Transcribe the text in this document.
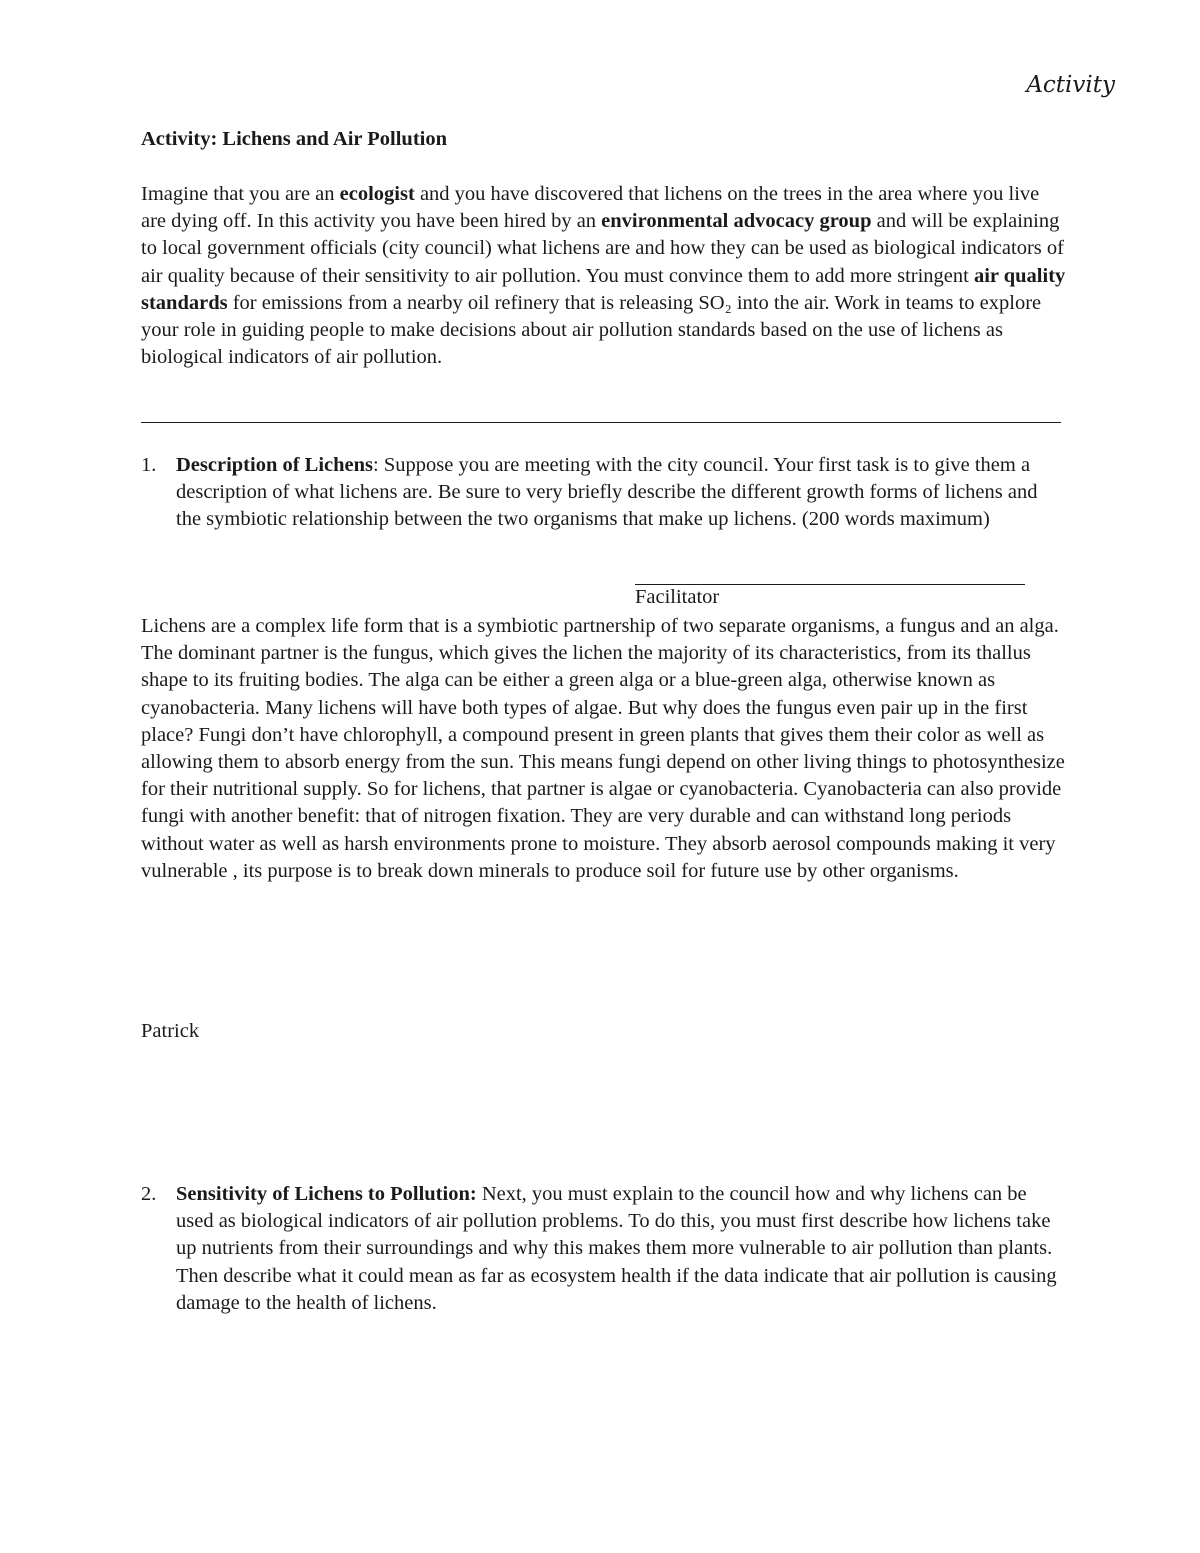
Activity
Activity: Lichens and Air Pollution

Imagine that you are an ecologist and you have discovered that lichens on the trees in the area where you live are dying off. In this activity you have been hired by an environmental advocacy group and will be explaining to local government officials (city council) what lichens are and how they can be used as biological indicators of air quality because of their sensitivity to air pollution. You must convince them to add more stringent air quality standards for emissions from a nearby oil refinery that is releasing SO₂ into the air. Work in teams to explore your role in guiding people to make decisions about air pollution standards based on the use of lichens as biological indicators of air pollution.

1. Description of Lichens: Suppose you are meeting with the city council. Your first task is to give them a description of what lichens are. Be sure to very briefly describe the different growth forms of lichens and the symbiotic relationship between the two organisms that make up lichens. (200 words maximum)
Facilitator

Lichens are a complex life form that is a symbiotic partnership of two separate organisms, a fungus and an alga. The dominant partner is the fungus, which gives the lichen the majority of its characteristics, from its thallus shape to its fruiting bodies. The alga can be either a green alga or a blue-green alga, otherwise known as cyanobacteria. Many lichens will have both types of algae. But why does the fungus even pair up in the first place? Fungi don’t have chlorophyll, a compound present in green plants that gives them their color as well as allowing them to absorb energy from the sun. This means fungi depend on other living things to photosynthesize for their nutritional supply. So for lichens, that partner is algae or cyanobacteria. Cyanobacteria can also provide fungi with another benefit: that of nitrogen fixation. They are very durable and can withstand long periods without water as well as harsh environments prone to moisture. They absorb aerosol compounds making it very vulnerable , its purpose is to break down minerals to produce soil for future use by other organisms.

Patrick
2. Sensitivity of Lichens to Pollution: Next, you must explain to the council how and why lichens can be used as biological indicators of air pollution problems. To do this, you must first describe how lichens take up nutrients from their surroundings and why this makes them more vulnerable to air pollution than plants. Then describe what it could mean as far as ecosystem health if the data indicate that air pollution is causing damage to the health of lichens.
